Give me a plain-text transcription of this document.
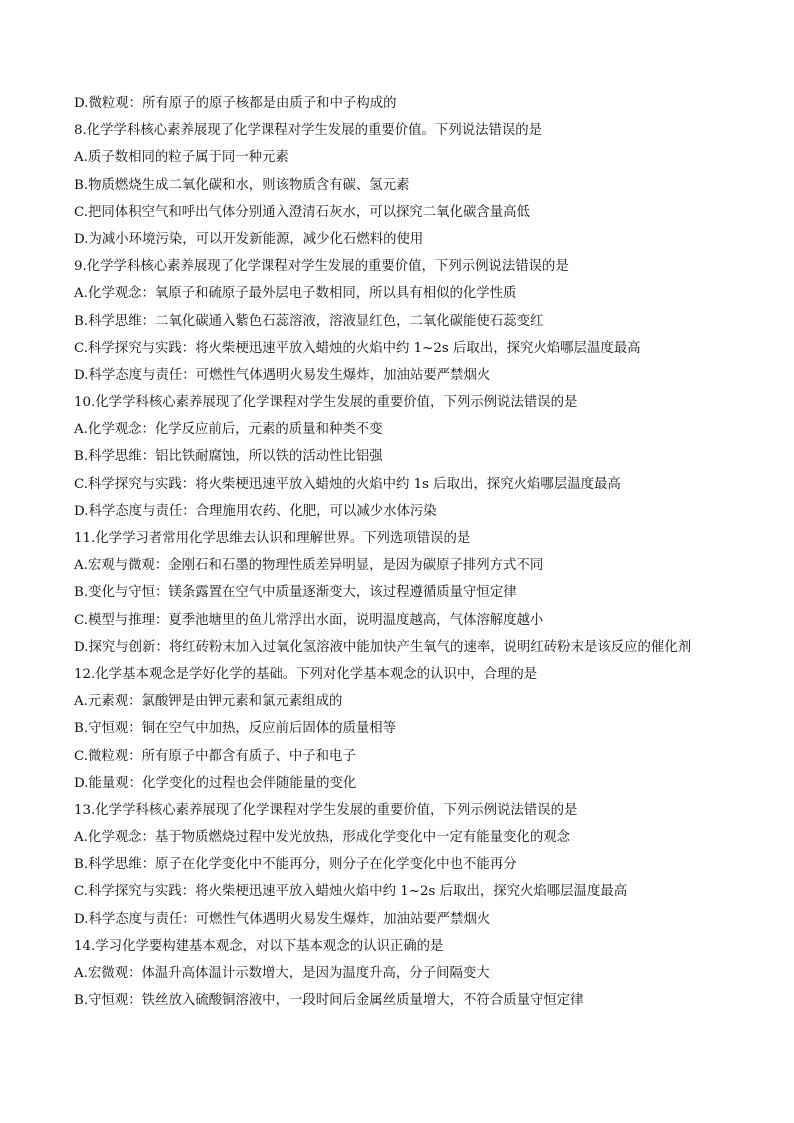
D.微粒观：所有原子的原子核都是由质子和中子构成的
8.化学学科核心素养展现了化学课程对学生发展的重要价值。下列说法错误的是
A.质子数相同的粒子属于同一种元素
B.物质燃烧生成二氧化碳和水，则该物质含有碳、氢元素
C.把同体积空气和呼出气体分别通入澄清石灰水，可以探究二氧化碳含量高低
D.为减小环境污染，可以开发新能源，减少化石燃料的使用
9.化学学科核心素养展现了化学课程对学生发展的重要价值，下列示例说法错误的是
A.化学观念：氧原子和硫原子最外层电子数相同，所以具有相似的化学性质
B.科学思维：二氧化碳通入紫色石蕊溶液，溶液显红色，二氧化碳能使石蕊变红
C.科学探究与实践：将火柴梗迅速平放入蜡烛的火焰中约 1~2s 后取出，探究火焰哪层温度最高
D.科学态度与责任：可燃性气体遇明火易发生爆炸，加油站要严禁烟火
10.化学学科核心素养展现了化学课程对学生发展的重要价值，下列示例说法错误的是
A.化学观念：化学反应前后，元素的质量和种类不变
B.科学思维：铝比铁耐腐蚀，所以铁的活动性比铝强
C.科学探究与实践：将火柴梗迅速平放入蜡烛的火焰中约 1s 后取出，探究火焰哪层温度最高
D.科学态度与责任：合理施用农药、化肥，可以减少水体污染
11.化学学习者常用化学思维去认识和理解世界。下列选项错误的是
A.宏观与微观：金刚石和石墨的物理性质差异明显，是因为碳原子排列方式不同
B.变化与守恒：镁条露置在空气中质量逐渐变大，该过程遵循质量守恒定律
C.模型与推理：夏季池塘里的鱼儿常浮出水面，说明温度越高，气体溶解度越小
D.探究与创新：将红砖粉末加入过氧化氢溶液中能加快产生氧气的速率，说明红砖粉末是该反应的催化剂
12.化学基本观念是学好化学的基础。下列对化学基本观念的认识中，合理的是
A.元素观：氯酸钾是由钾元素和氯元素组成的
B.守恒观：铜在空气中加热，反应前后固体的质量相等
C.微粒观：所有原子中都含有质子、中子和电子
D.能量观：化学变化的过程也会伴随能量的变化
13.化学学科核心素养展现了化学课程对学生发展的重要价值，下列示例说法错误的是
A.化学观念：基于物质燃烧过程中发光放热，形成化学变化中一定有能量变化的观念
B.科学思维：原子在化学变化中不能再分，则分子在化学变化中也不能再分
C.科学探究与实践：将火柴梗迅速平放入蜡烛火焰中约 1~2s 后取出，探究火焰哪层温度最高
D.科学态度与责任：可燃性气体遇明火易发生爆炸，加油站要严禁烟火
14.学习化学要构建基本观念，对以下基本观念的认识正确的是
A.宏微观：体温升高体温计示数增大，是因为温度升高，分子间隔变大
B.守恒观：铁丝放入硫酸铜溶液中，一段时间后金属丝质量增大，不符合质量守恒定律
